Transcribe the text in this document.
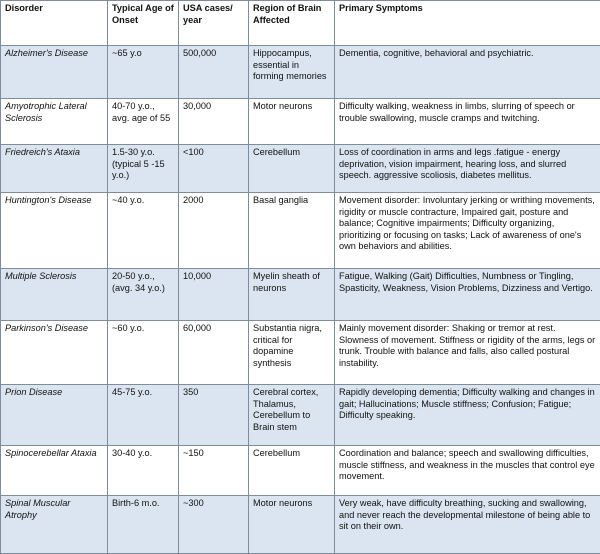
Disorder	Typical Age of Onset	USA cases/ year	Region of Brain Affected	Primary Symptoms
Alzheimer's Disease	~65 y.o	500,000	Hippocampus, essential in forming memories	Dementia, cognitive, behavioral and psychiatric.
Amyotrophic Lateral Sclerosis	40-70 y.o., avg. age of 55	30,000	Motor neurons	Difficulty walking, weakness in limbs, slurring of speech or trouble swallowing, muscle cramps and twitching.
Friedreich's Ataxia	1.5-30 y.o. (typical 5 -15 y.o.)	<100	Cerebellum	Loss of coordination in arms and legs .fatigue - energy deprivation, vision impairment, hearing loss, and slurred speech. aggressive scoliosis, diabetes mellitus.
Huntington's Disease	~40 y.o.	2000	Basal ganglia	Movement disorder: Involuntary jerking or writhing movements, rigidity or muscle contracture, Impaired gait, posture and balance; Cognitive impairments; Difficulty organizing, prioritizing or focusing on tasks; Lack of awareness of one's own behaviors and abilities.
Multiple Sclerosis	20-50 y.o., (avg. 34 y.o.)	10,000	Myelin sheath of neurons	Fatigue, Walking (Gait) Difficulties, Numbness or Tingling, Spasticity, Weakness, Vision Problems, Dizziness and Vertigo.
Parkinson's Disease	~60 y.o.	60,000	Substantia nigra, critical for dopamine synthesis	Mainly movement disorder: Shaking or tremor at rest. Slowness of movement. Stiffness or rigidity of the arms, legs or trunk. Trouble with balance and falls, also called postural instability.
Prion Disease	45-75 y.o.	350	Cerebral cortex, Thalamus, Cerebellum to Brain stem	Rapidly developing dementia; Difficulty walking and changes in gait; Hallucinations; Muscle stiffness; Confusion; Fatigue; Difficulty speaking.
Spinocerebellar Ataxia	30-40 y.o.	~150	Cerebellum	Coordination and balance; speech and swallowing difficulties, muscle stiffness, and weakness in the muscles that control eye movement.
Spinal Muscular Atrophy	Birth-6 m.o.	~300	Motor neurons	Very weak, have difficulty breathing, sucking and swallowing, and never reach the developmental milestone of being able to sit on their own.
